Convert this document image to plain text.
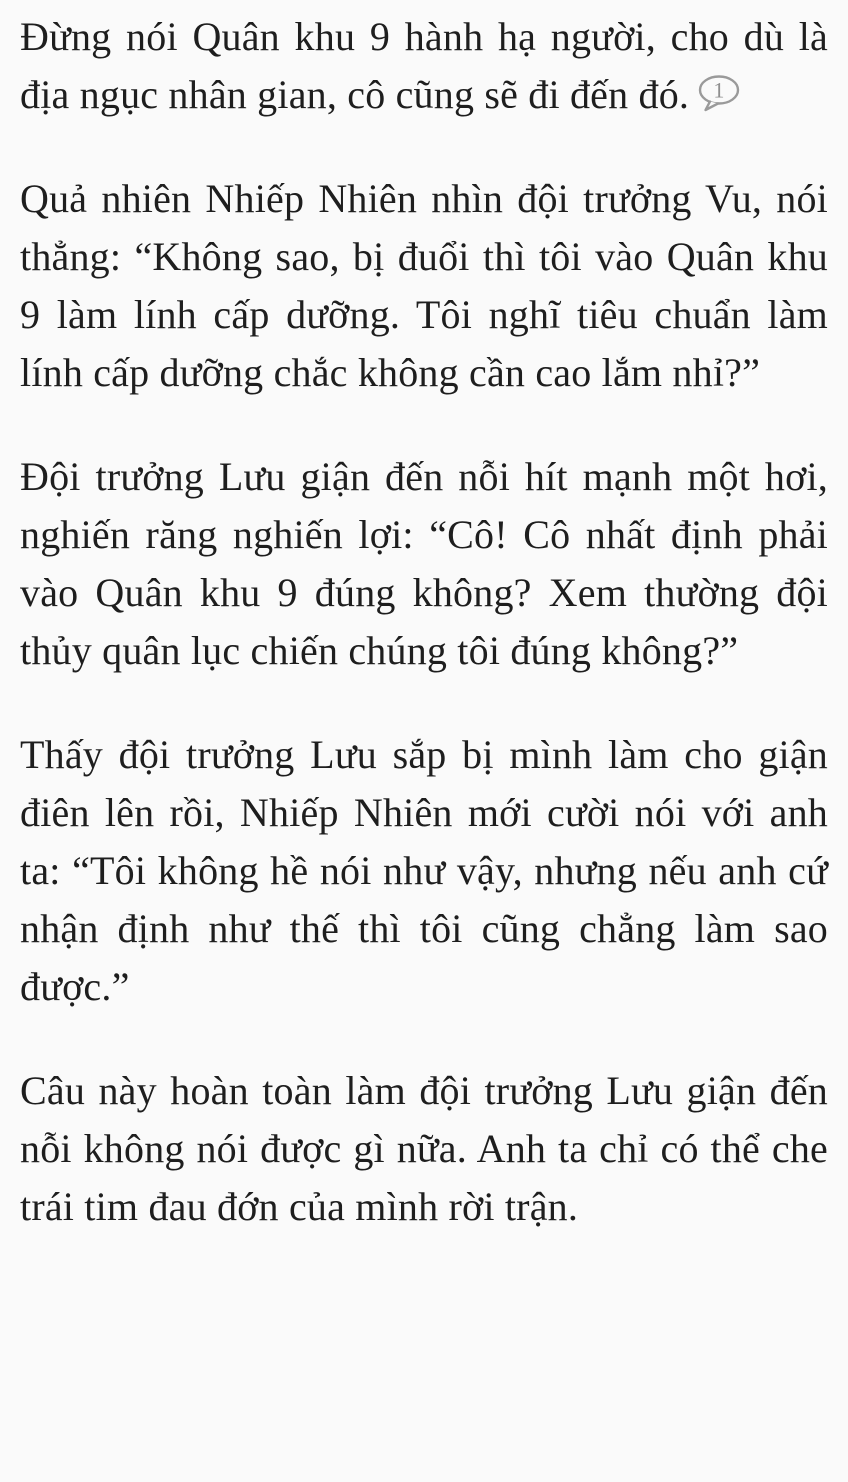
Đừng nói Quân khu 9 hành hạ người, cho dù là địa ngục nhân gian, cô cũng sẽ đi đến đó. 1

Quả nhiên Nhiếp Nhiên nhìn đội trưởng Vu, nói thẳng: “Không sao, bị đuổi thì tôi vào Quân khu 9 làm lính cấp dưỡng. Tôi nghĩ tiêu chuẩn làm lính cấp dưỡng chắc không cần cao lắm nhỉ?”

Đội trưởng Lưu giận đến nỗi hít mạnh một hơi, nghiến răng nghiến lợi: “Cô! Cô nhất định phải vào Quân khu 9 đúng không? Xem thường đội thủy quân lục chiến chúng tôi đúng không?”

Thấy đội trưởng Lưu sắp bị mình làm cho giận điên lên rồi, Nhiếp Nhiên mới cười nói với anh ta: “Tôi không hề nói như vậy, nhưng nếu anh cứ nhận định như thế thì tôi cũng chẳng làm sao được.”

Câu này hoàn toàn làm đội trưởng Lưu giận đến nỗi không nói được gì nữa. Anh ta chỉ có thể che trái tim đau đớn của mình rời trận.
